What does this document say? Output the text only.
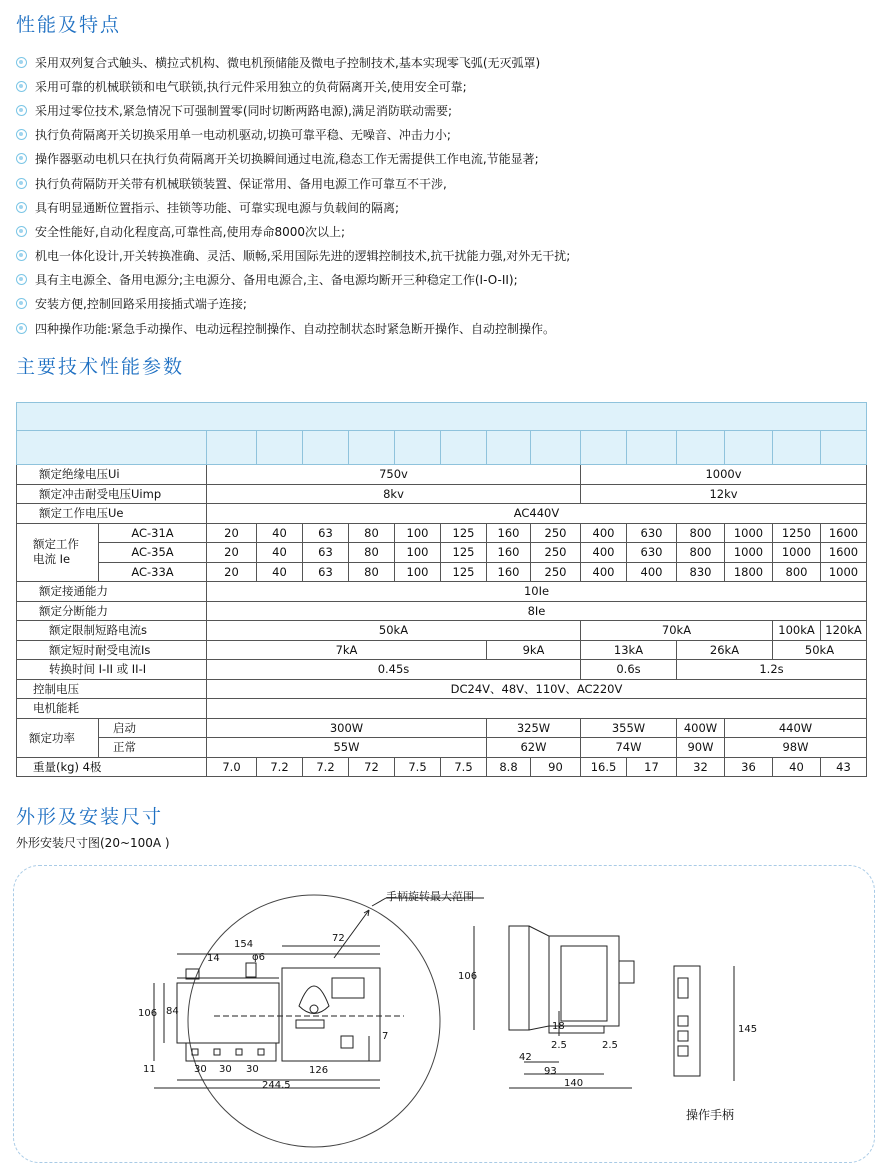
性能及特点
采用双列复合式触头、横拉式机构、微电机预储能及微电子控制技术,基本实现零飞弧(无灭弧罩)
采用可靠的机械联锁和电气联锁,执行元件采用独立的负荷隔离开关,使用安全可靠;
采用过零位技术,紧急情况下可强制置零(同时切断两路电源),满足消防联动需要;
执行负荷隔离开关切换采用单一电动机驱动,切换可靠平稳、无噪音、冲击力小;
操作器驱动电机只在执行负荷隔离开关切换瞬间通过电流,稳态工作无需提供工作电流,节能显著;
执行负荷隔防开关带有机械联锁装置、保证常用、备用电源工作可靠互不干涉,
具有明显通断位置指示、挂锁等功能、可靠实现电源与负载间的隔离;
安全性能好,自动化程度高,可靠性高,使用寿命8000次以上;
机电一体化设计,开关转换准确、灵活、顺畅,采用国际先进的逻辑控制技术,抗干扰能力强,对外无干扰;
具有主电源全、备用电源分;主电源分、备用电源合,主、备电源均断开三种稳定工作(I-O-II);
安装方便,控制回路采用接插式端子连接;
四种操作功能:紧急手动操作、电动远程控制操作、自动控制状态时紧急断开操作、自动控制操作。
主要技术性能参数

额定绝缘电压Ui		750v								1000v					
额定冲击耐受电压Uimp		8kv								12kv					
额定工作电压Ue		AC440V													

额定工作
电流 Ie	AC-31A	20	40	63	80	100	125	160	250	400	630	800	1000	1250	1600
	AC-35A	20	40	63	80	100	125	160	250	400	630	800	1000	1000	1600
	AC-33A	20	40	63	80	100	125	160	250	400	400	830	1800	800	1000
额定接通能力		10Ie													
额定分断能力		8Ie													
额定限制短路电流s		50kA								70kA				100kA	120kA
额定短时耐受电流Is		7kA						9kA		13kA		26kA		50kA	
转换时间 I-II 或 II-I		0.45s								0.6s		1.2s			
控制电压		DC24V、48V、110V、AC220V													
电机能耗															
额定功率	启动	300W						325W		355W		400W	440W		
	正常	55W						62W		74W		90W	98W		
重量(kg) 4极		7.0	7.2	7.2	72	7.5	7.5	8.8	90	16.5	17	32	36	40	43
外形及安装尺寸
外形安装尺寸图(20~100A )
手柄旋转最大范围
操作手柄
154
72
14	φ6
106 84
11	30 30 30	126
244.5
7
106
18
2.5	2.5
42
93
140
145
